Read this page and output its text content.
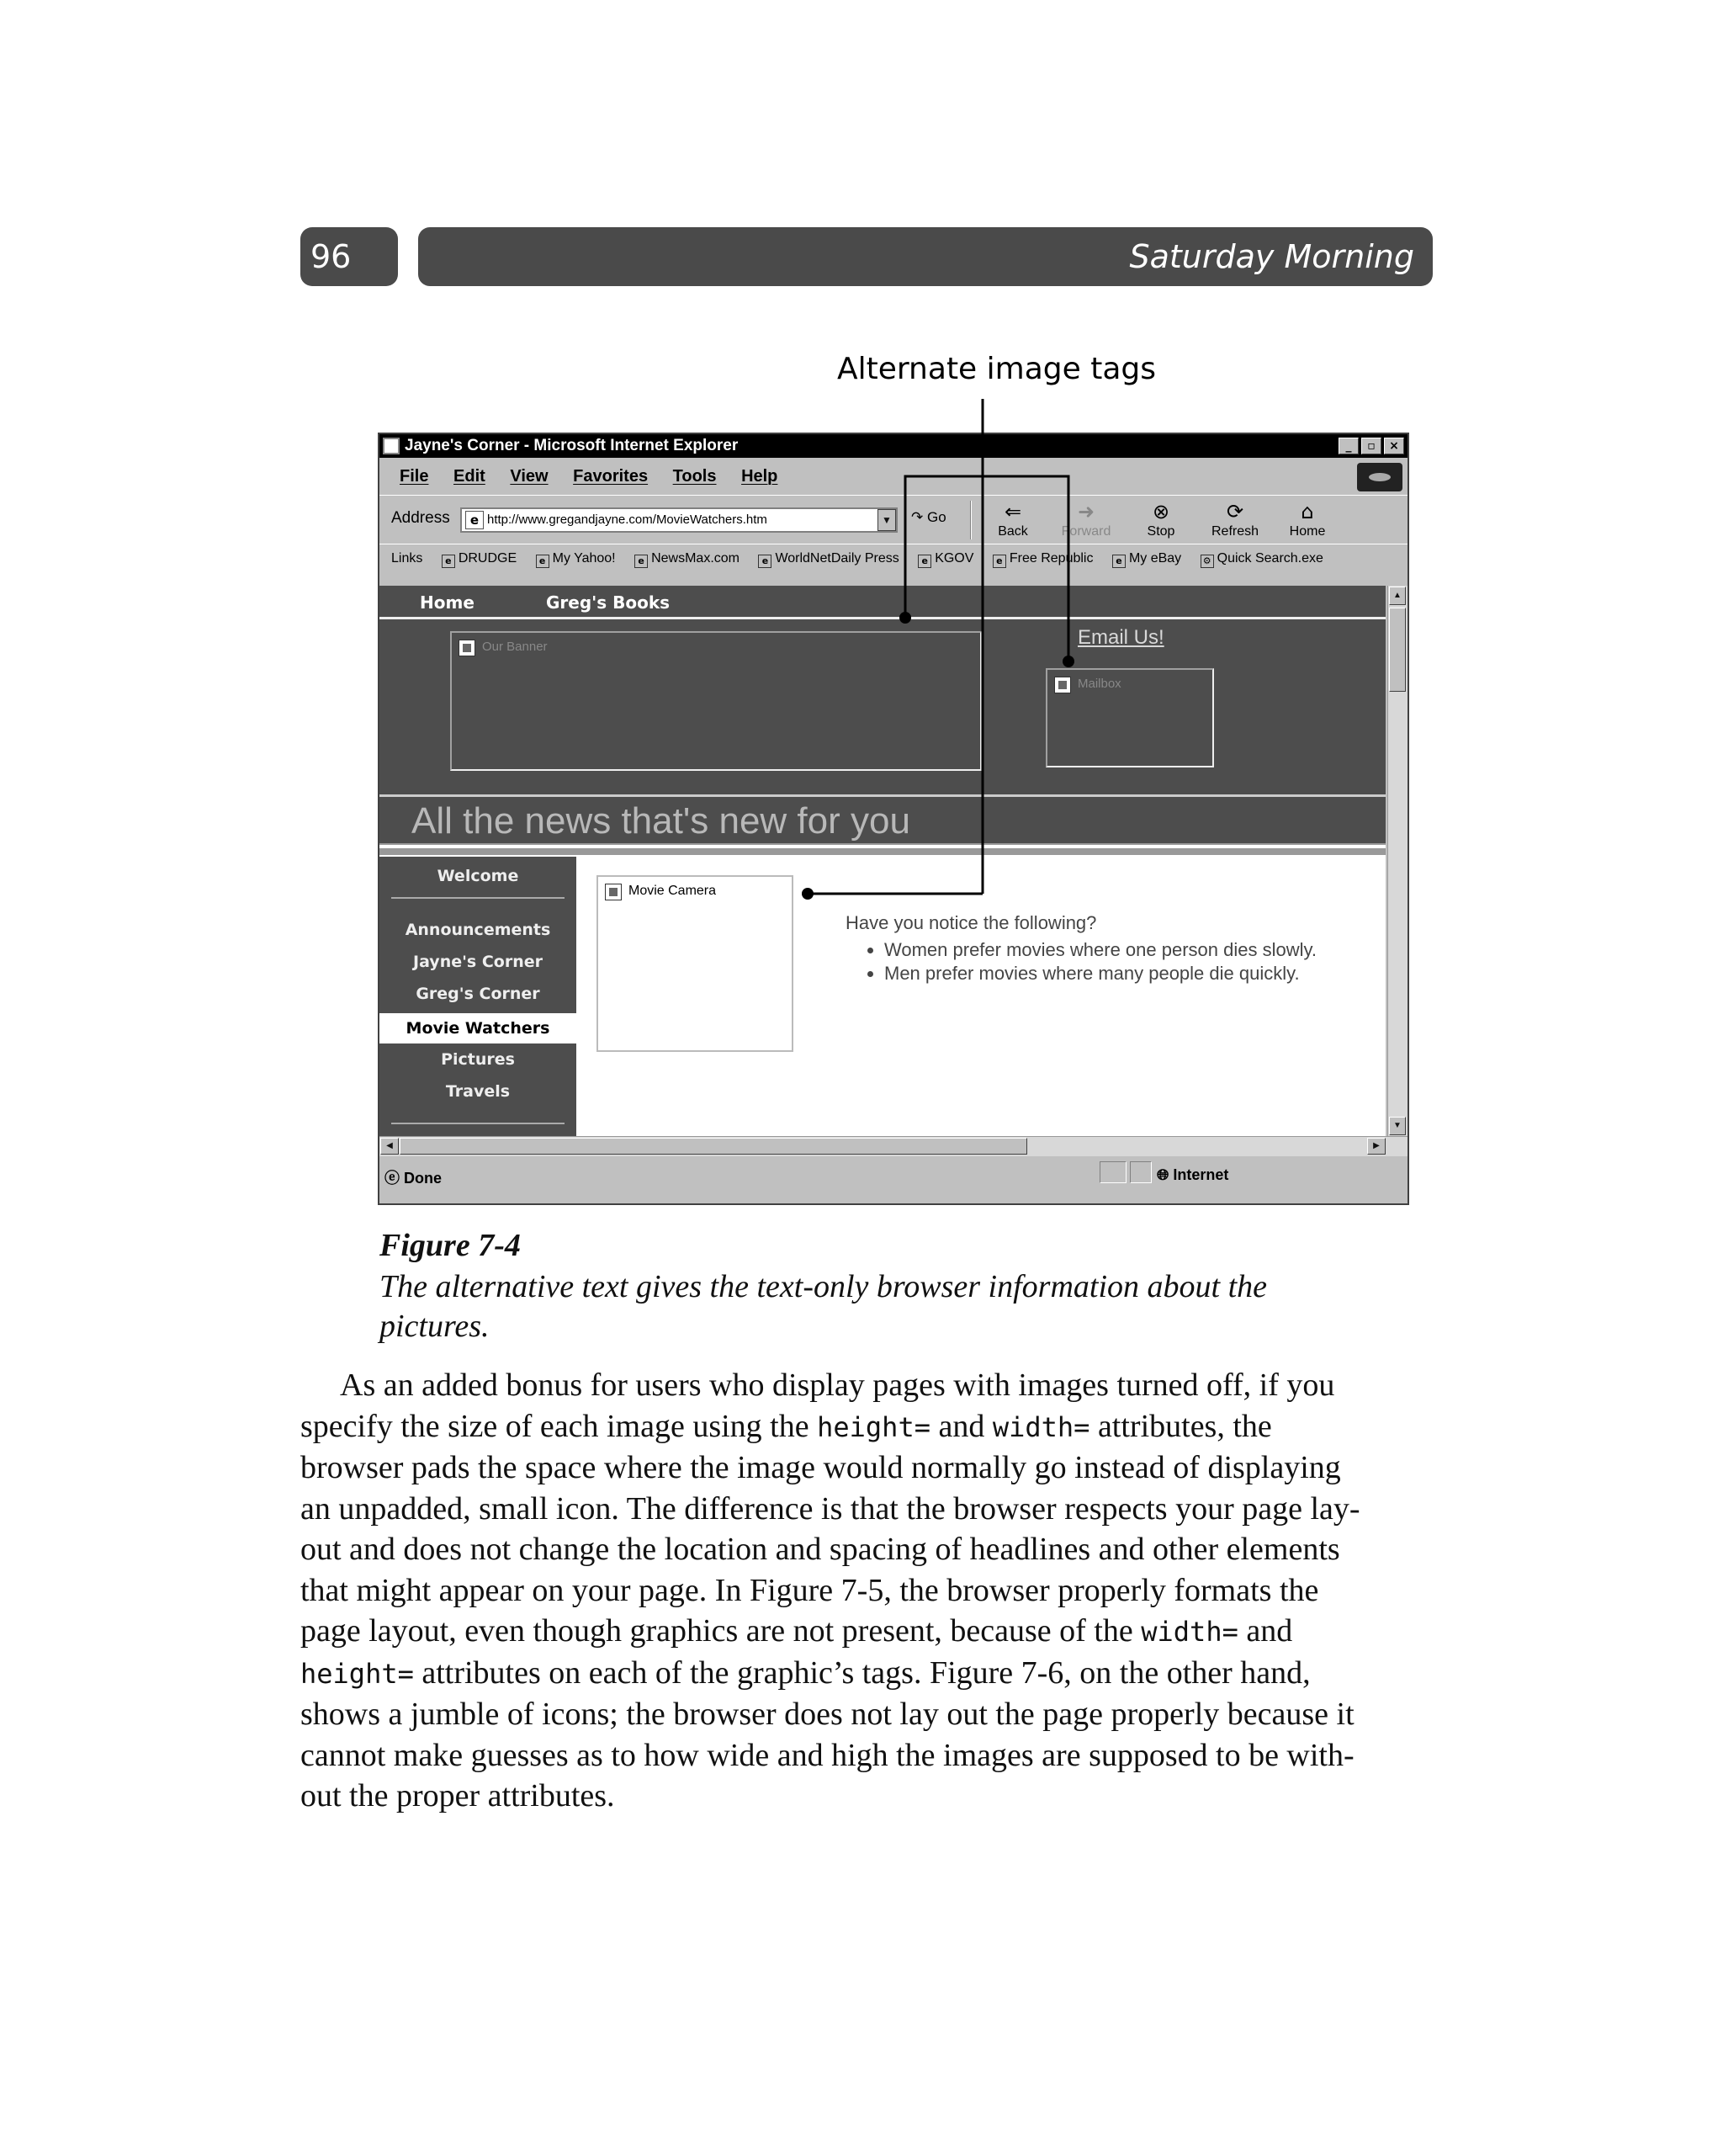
96	Saturday Morning
Alternate image tags
Jayne's Corner - Microsoft Internet Explorer	_	▫	×
File Edit View Favorites Tools Help
Address
e	http://www.gregandjayne.com/MovieWatchers.htm	▼ ↷ Go	⇐
Back
➜
Forward
⊗
Stop
⟳
Refresh
⌂
Home
Links e DRUDGE e My Yahoo! e NewsMax.com e WorldNetDaily Press e KGOV e Free Republic e My eBay ⚙ Quick Search.exe
Home	Greg's Books
Our Banner	Email Us!
Mailbox
All the news that's new for you
Welcome
Announcements
Jayne's Corner
Greg's Corner
Movie Watchers
Pictures
Travels
Movie Camera
Have you notice the following?
• Women prefer movies where one person dies slowly.
• Men prefer movies where many people die quickly.
▲
▼
◀	▶
ⓔ Done	🌐︎ Internet
Figure 7-4
The alternative text gives the text-only browser information about the
pictures.
As an added bonus for users who display pages with images turned off, if you
specify the size of each image using the height= and width= attributes, the
browser pads the space where the image would normally go instead of displaying
an unpadded, small icon. The difference is that the browser respects your page lay-
out and does not change the location and spacing of headlines and other elements
that might appear on your page. In Figure 7-5, the browser properly formats the
page layout, even though graphics are not present, because of the width= and
height= attributes on each of the graphic’s tags. Figure 7-6, on the other hand,
shows a jumble of icons; the browser does not lay out the page properly because it
cannot make guesses as to how wide and high the images are supposed to be with-
out the proper attributes.
